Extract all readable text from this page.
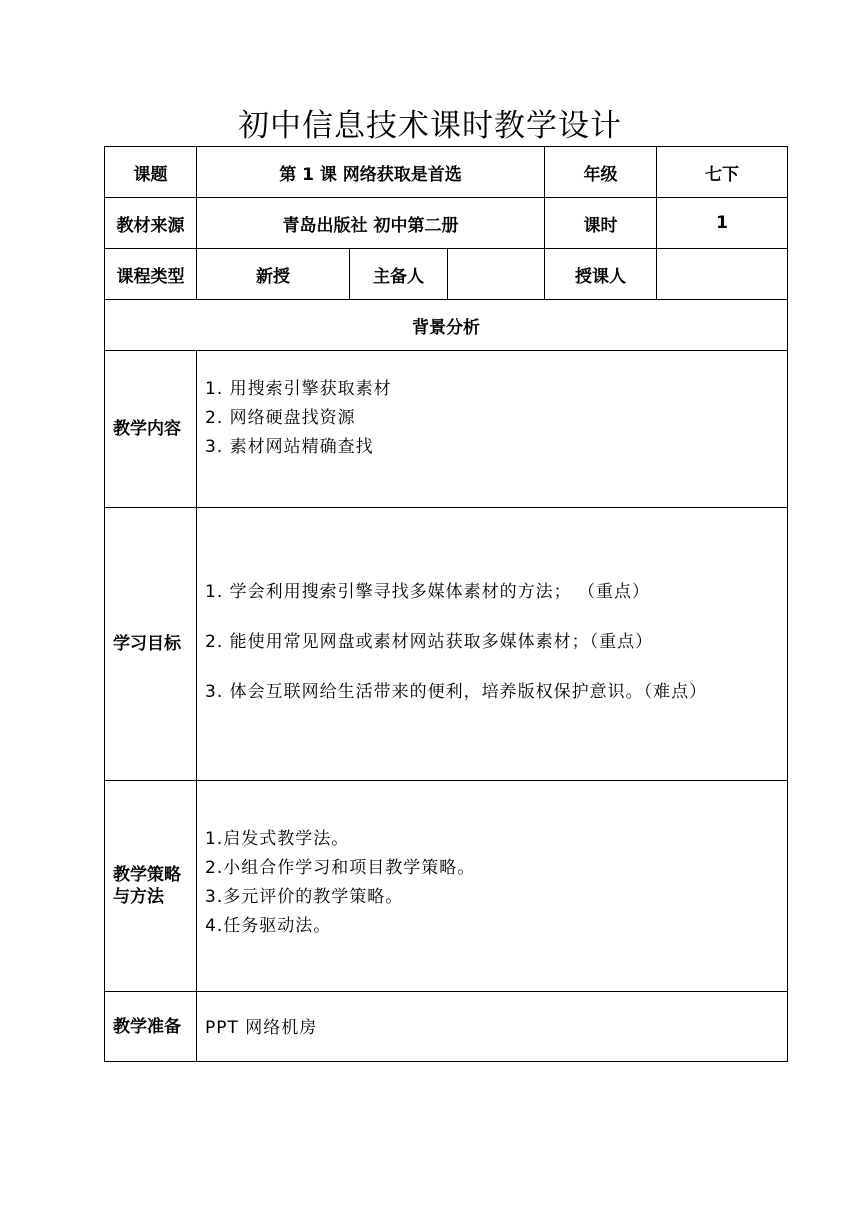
初中信息技术课时教学设计
课题	第 1 课 网络获取是首选			年级	七下
教材来源	青岛出版社 初中第二册			课时	1
课程类型	新授	主备人		授课人	
背景分析					
教学内容	1. 用搜索引擎获取素材
2. 网络硬盘找资源
3. 素材网站精确查找				

学习目标	1. 学会利用搜索引擎寻找多媒体素材的方法； （重点）
2. 能使用常见网盘或素材网站获取多媒体素材；（重点）
3. 体会互联网给生活带来的便利，培养版权保护意识。（难点）				

教学策略
与方法	1.启发式教学法。
2.小组合作学习和项目教学策略。
3.多元评价的教学策略。
4.任务驱动法。				

教学准备	PPT 网络机房				
